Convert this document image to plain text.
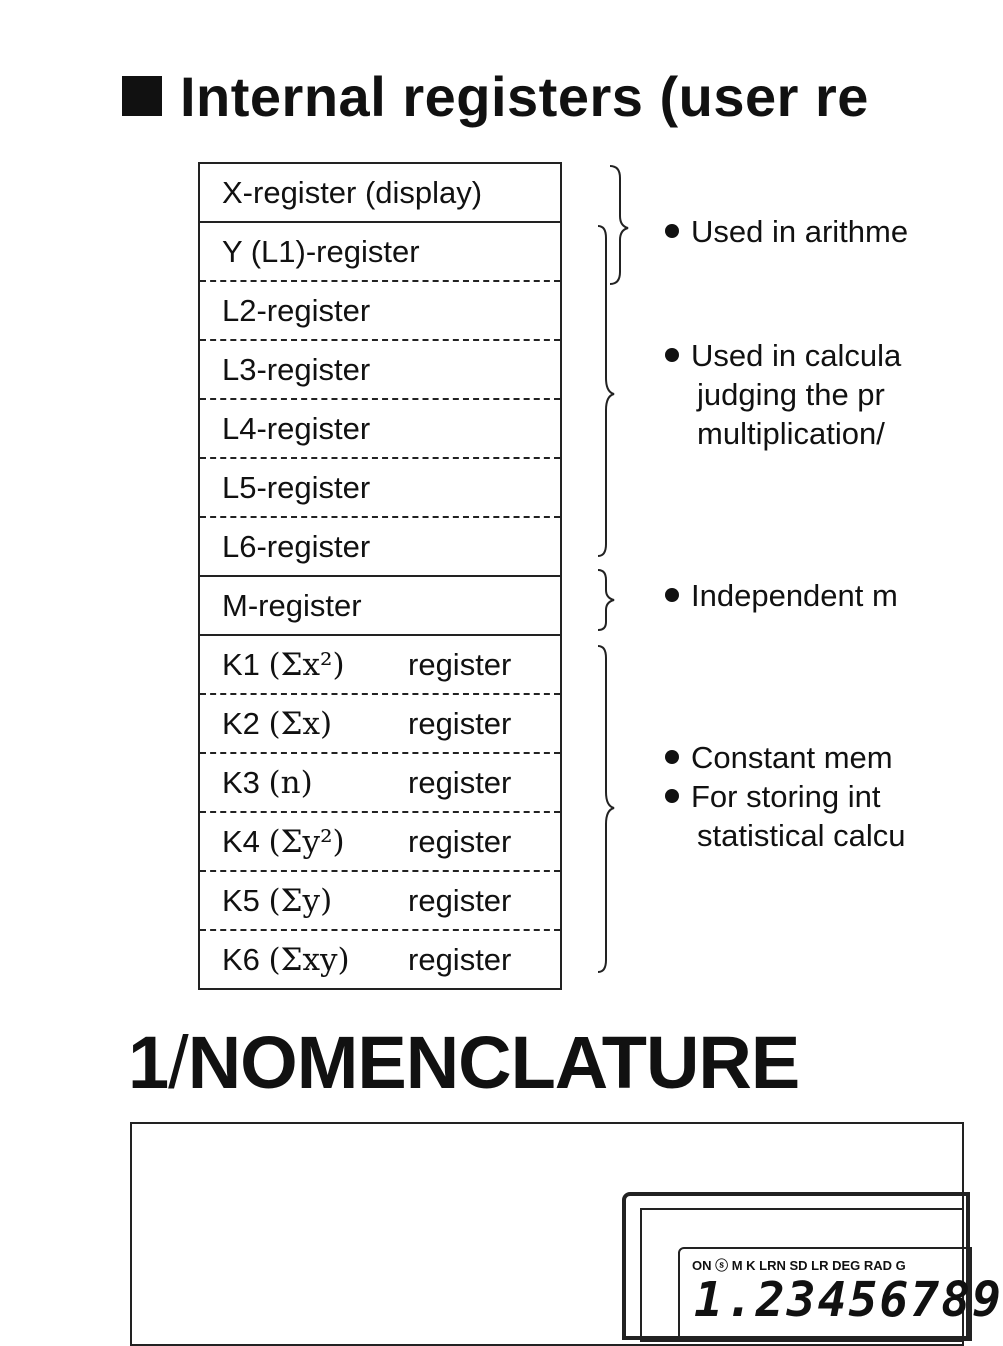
Internal registers (user re
X-register (display)
Y (L1)-register
L2-register
L3-register
L4-register
L5-register
L6-register
M-register
K1 (Σx²) register

K2 (Σx) register

K3 (n)	register

K4 (Σy²) register

K5 (Σy) register

K6 (Σxy) register

Used in arithme

Used in calcula
judging the pr
multiplication/

Independent m

Constant mem

For storing int
statistical calcu

1/NOMENCLATURE
ON ⓢ M K LRN SD LR DEG RAD G
1.23456789
